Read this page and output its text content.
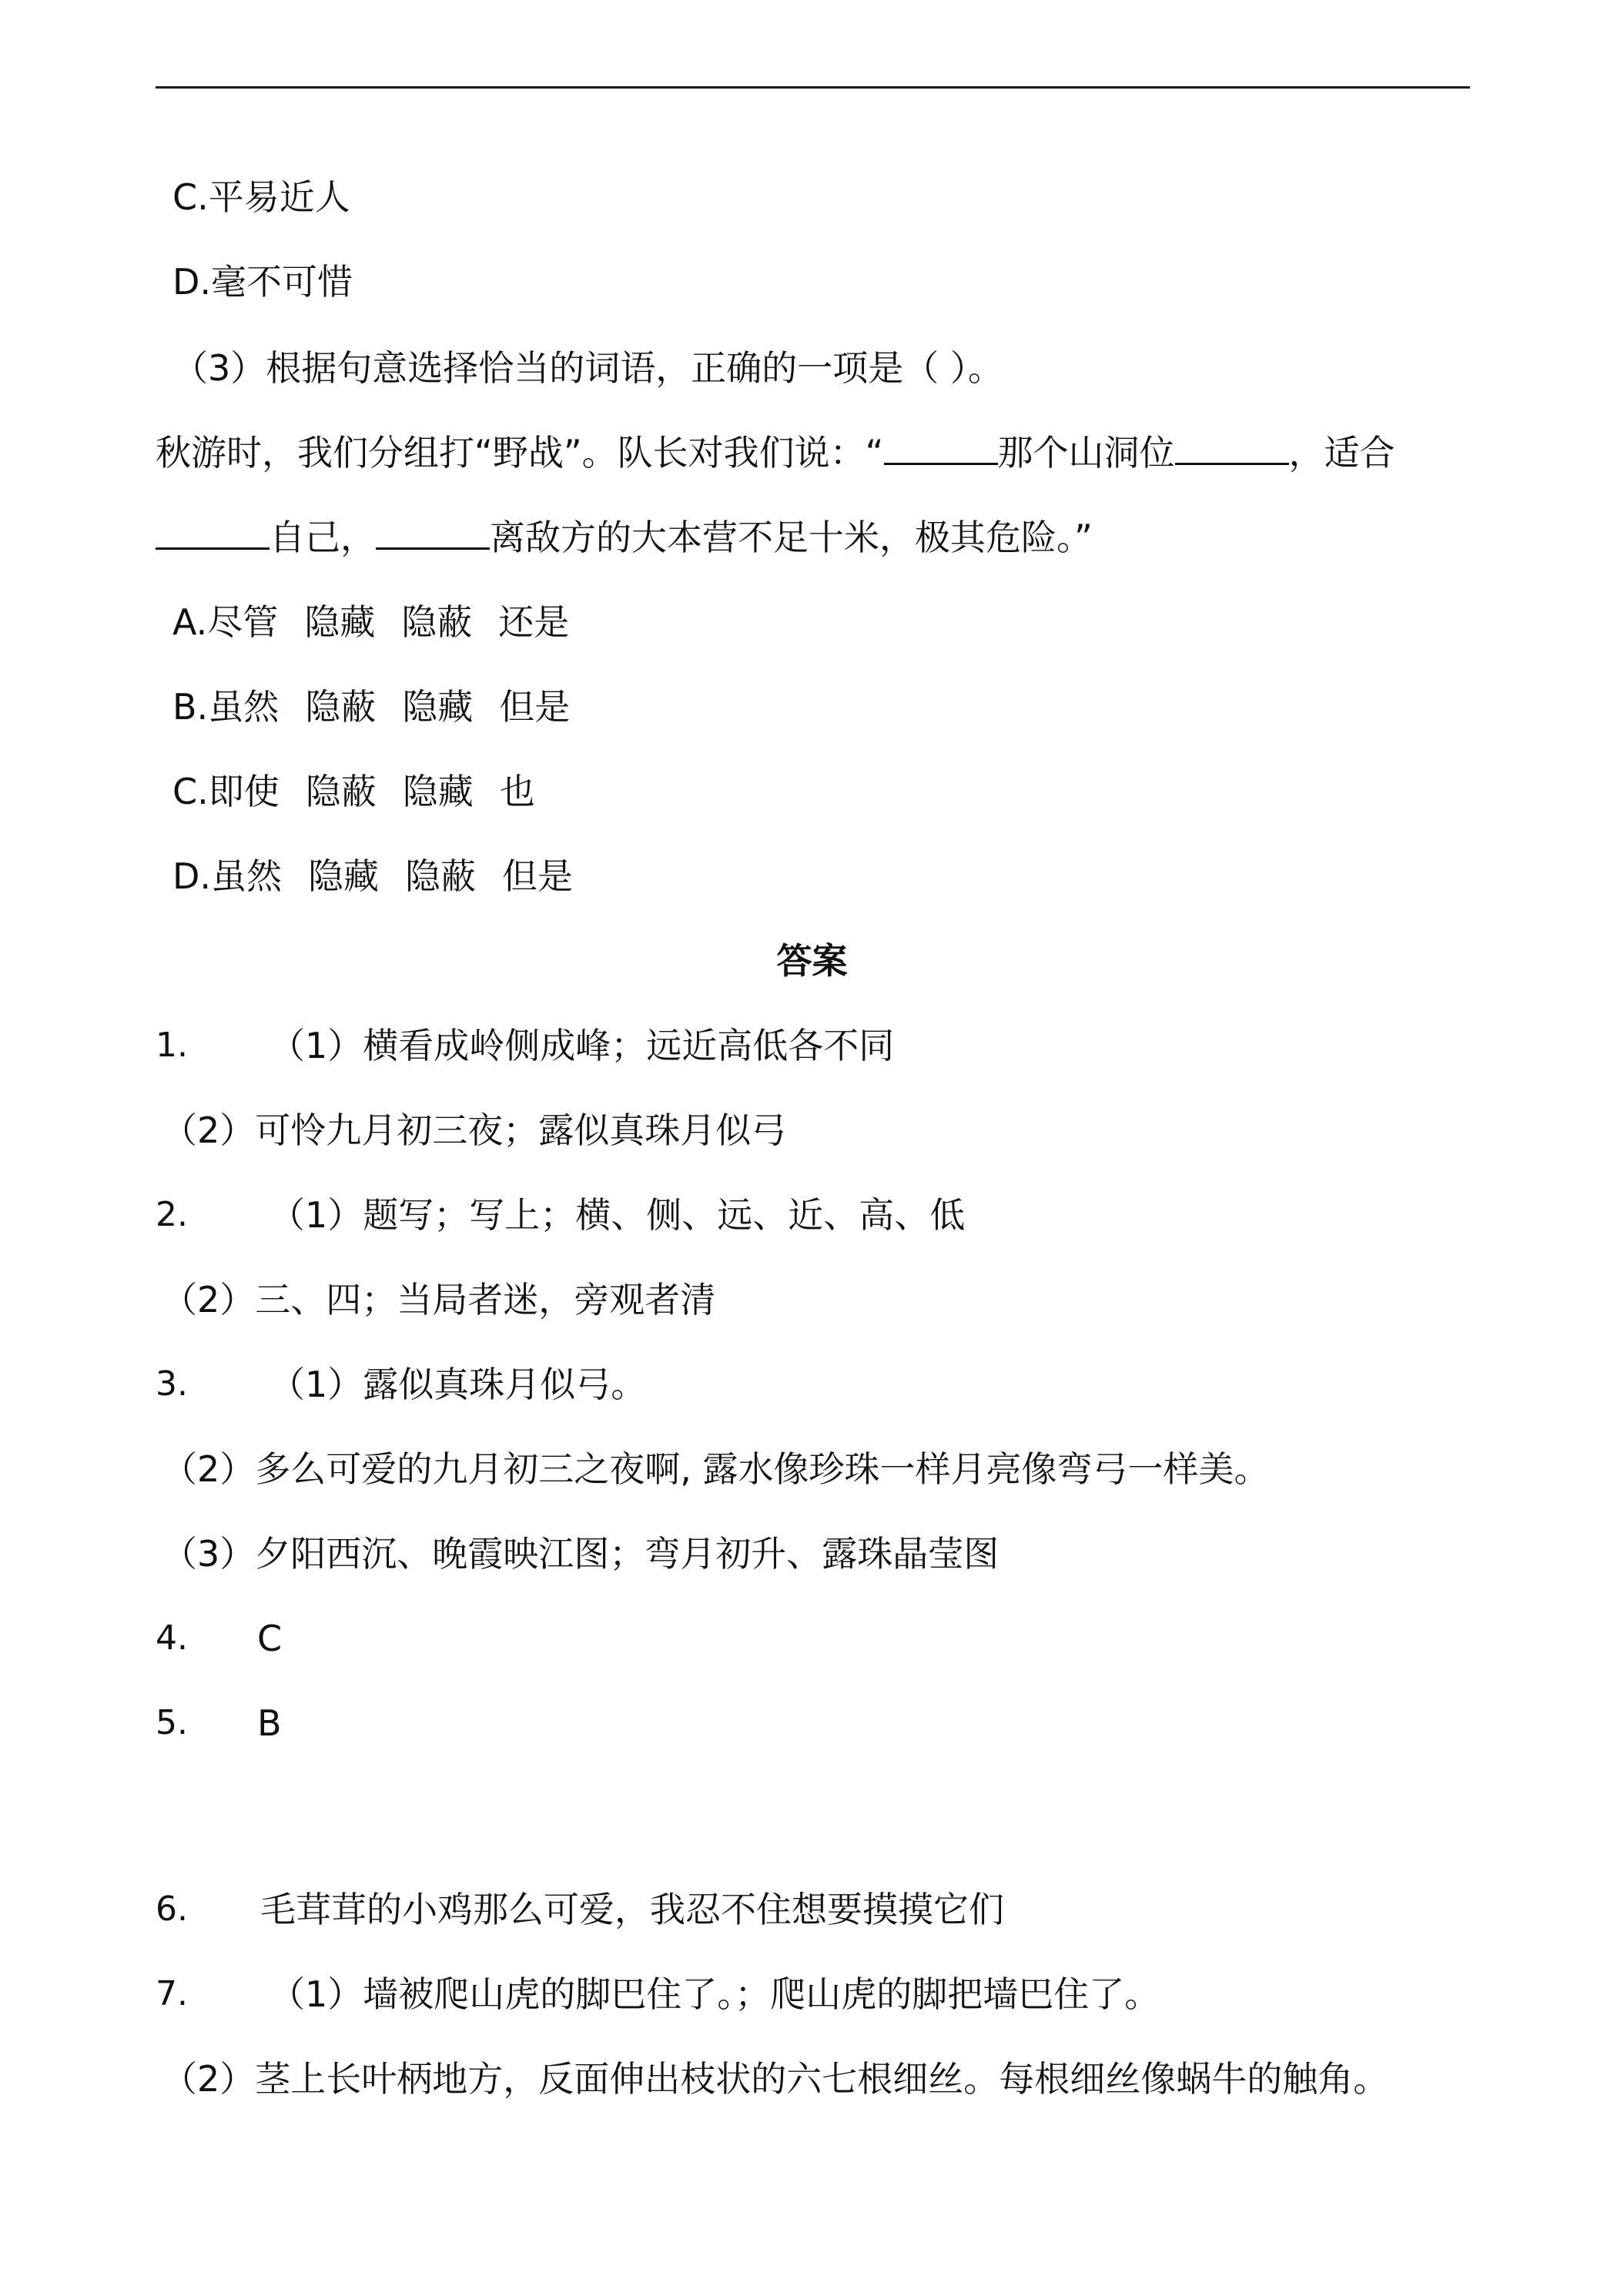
C.平易近人
D.毫不可惜
（3）根据句意选择恰当的词语，正确的一项是（ ）。
秋游时，我们分组打“野战”。队长对我们说：“	那个山洞位	，适合
自己，	离敌方的大本营不足十米，极其危险。”
A.尽管 隐藏 隐蔽 还是
B.虽然 隐蔽 隐藏 但是
C.即使 隐蔽 隐藏 也
D.虽然 隐藏 隐蔽 但是
答案
1. （1）横看成岭侧成峰；远近高低各不同
（2）可怜九月初三夜；露似真珠月似弓
2. （1）题写；写上；横、侧、远、近、高、低
（2）三、四；当局者迷，旁观者清
3. （1）露似真珠月似弓。
（2）多么可爱的九月初三之夜啊, 露水像珍珠一样月亮像弯弓一样美。
（3）夕阳西沉、晚霞映江图；弯月初升、露珠晶莹图
4. C
5. B
6. 毛茸茸的小鸡那么可爱，我忍不住想要摸摸它们
7. （1）墙被爬山虎的脚巴住了。；爬山虎的脚把墙巴住了。
（2）茎上长叶柄地方，反面伸出枝状的六七根细丝。每根细丝像蜗牛的触角。
